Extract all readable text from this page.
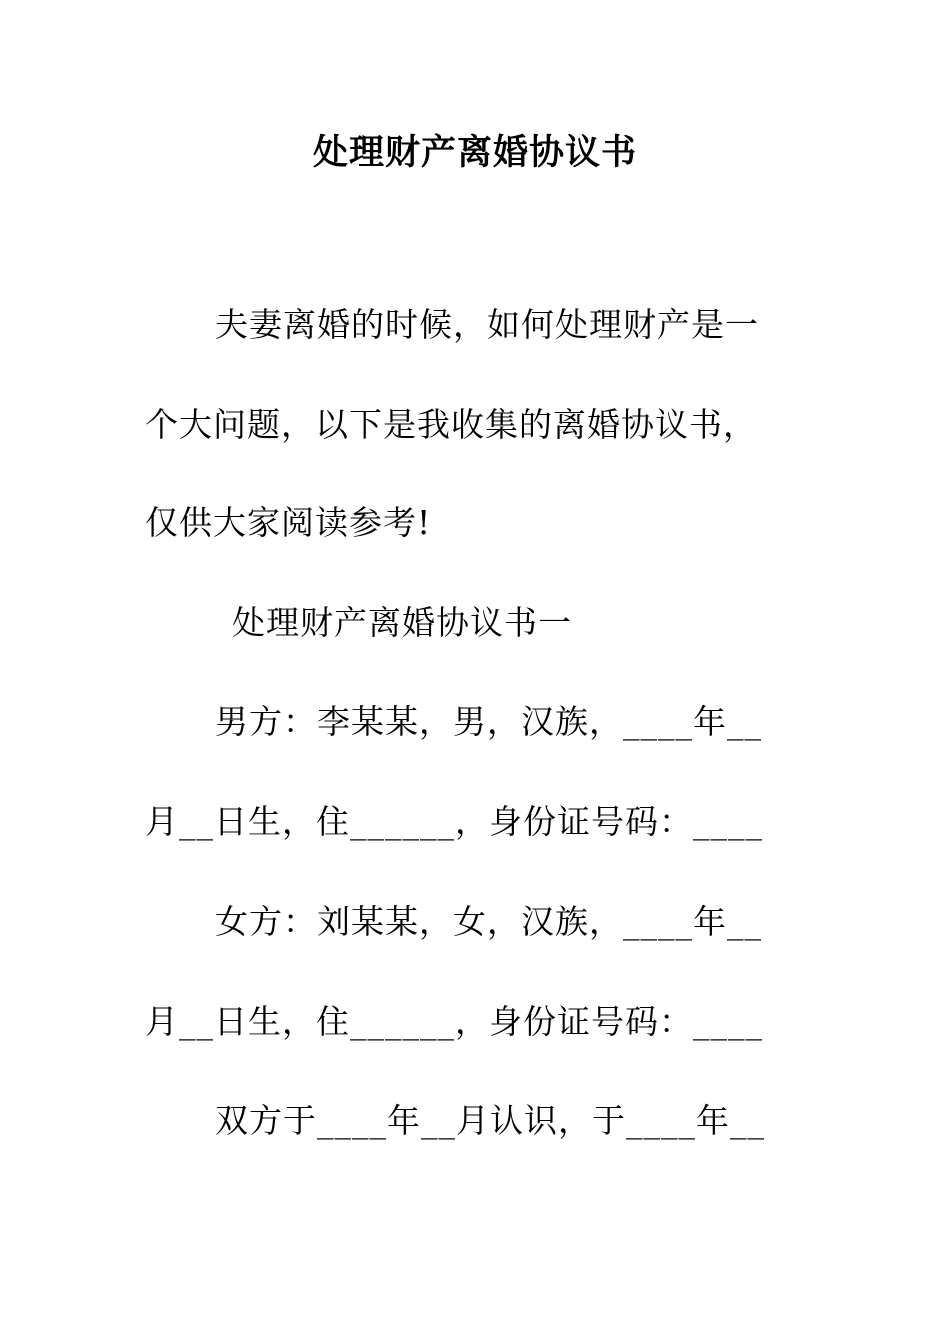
处理财产离婚协议书
夫妻离婚的时候，如何处理财产是一
个大问题，以下是我收集的离婚协议书，
仅供大家阅读参考!
处理财产离婚协议书一
男方：李某某，男，汉族，____年__
月__日生，住______，身份证号码：____
女方：刘某某，女，汉族，____年__
月__日生，住______，身份证号码：____
双方于____年__月认识，于____年__
